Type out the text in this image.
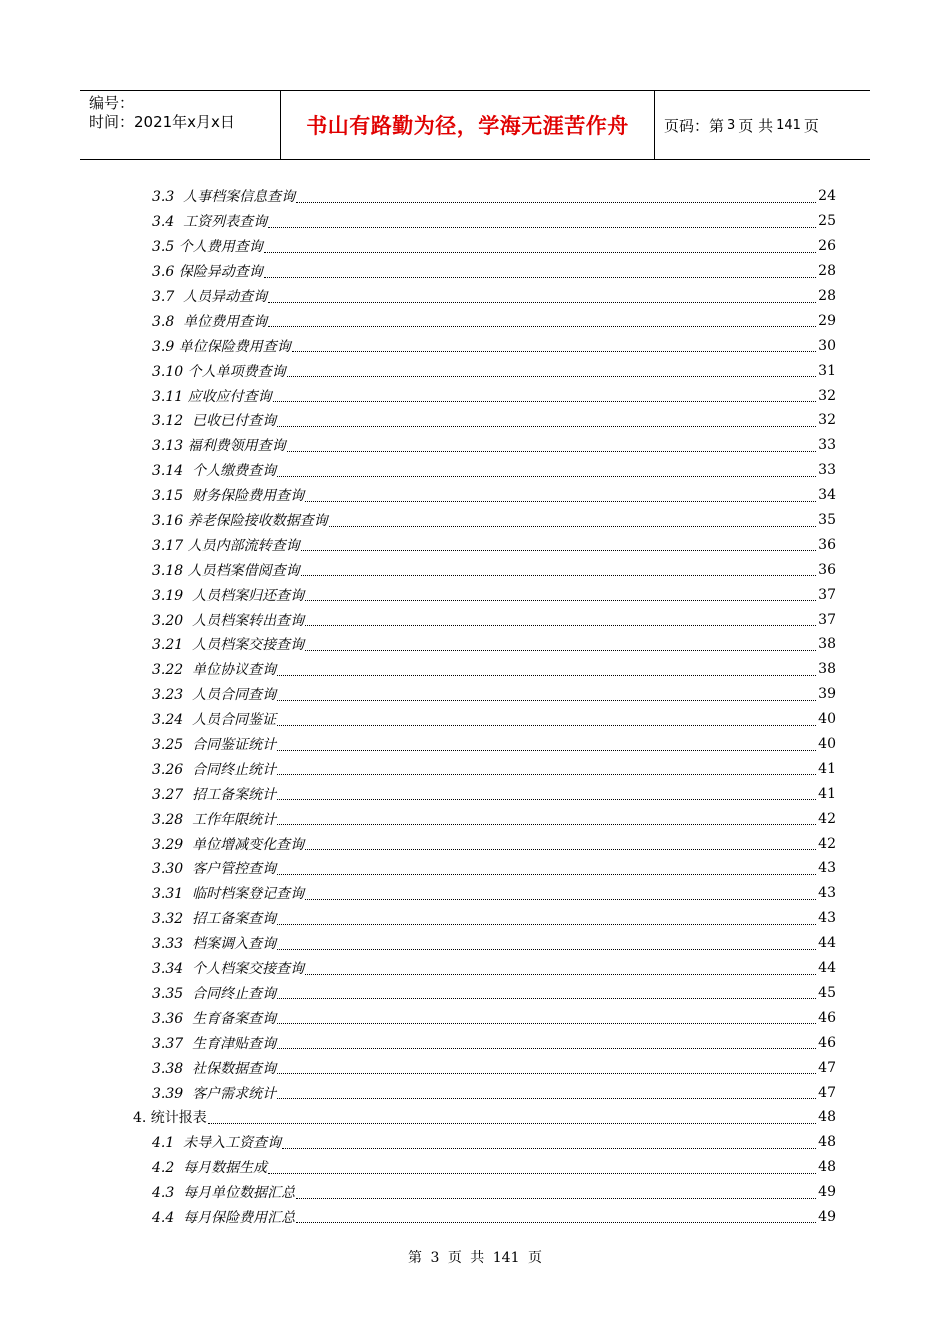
编号：
时间：2021年x月x日	书山有路勤为径，学海无涯苦作舟 页码：第 3 页 共 141 页
3.3  人事档案信息查询	24
3.4  工资列表查询	25
3.5 个人费用查询	26
3.6 保险异动查询	28
3.7  人员异动查询	28
3.8  单位费用查询	29
3.9 单位保险费用查询	30
3.10 个人单项费查询	31
3.11 应收应付查询	32
3.12  已收已付查询	32
3.13 福利费领用查询	33
3.14  个人缴费查询	33
3.15  财务保险费用查询	34
3.16 养老保险接收数据查询	35
3.17 人员内部流转查询	36
3.18 人员档案借阅查询	36
3.19  人员档案归还查询	37
3.20  人员档案转出查询	37
3.21  人员档案交接查询	38
3.22  单位协议查询	38
3.23  人员合同查询	39
3.24  人员合同鉴证	40
3.25  合同鉴证统计	40
3.26  合同终止统计	41
3.27  招工备案统计	41
3.28  工作年限统计	42
3.29  单位增减变化查询	42
3.30  客户管控查询	43
3.31  临时档案登记查询	43
3.32  招工备案查询	43
3.33  档案调入查询	44
3.34  个人档案交接查询	44
3.35  合同终止查询	45
3.36  生育备案查询	46
3.37  生育津贴查询	46
3.38  社保数据查询	47
3.39  客户需求统计	47
4. 统计报表	48
4.1  未导入工资查询	48
4.2  每月数据生成	48
4.3  每月单位数据汇总	49
4.4  每月保险费用汇总	49
第 3 页 共 141 页
